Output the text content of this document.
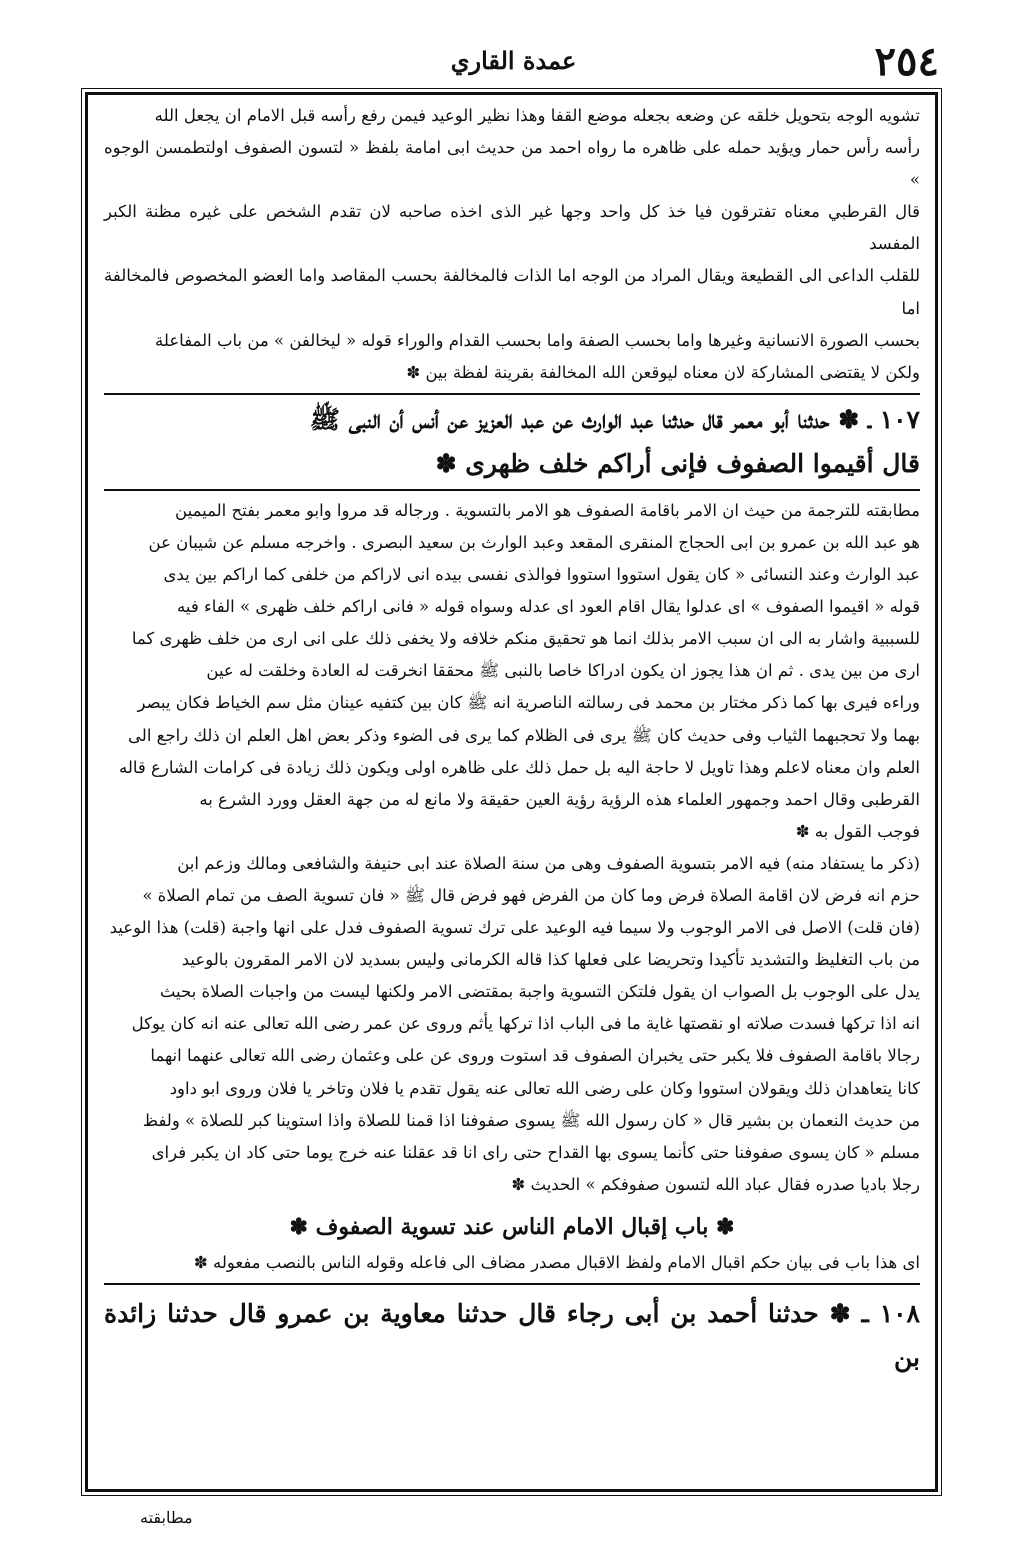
عمدة القاري	٢٥٤

تشويه الوجه بتحويل خلقه عن وضعه بجعله موضع القفا وهذا نظير الوعيد فيمن رفع رأسه قبل الامام ان يجعل الله

رأسه رأس حمار ويؤيد حمله على ظاهره ما رواه احمد من حديث ابى امامة بلفظ « لتسون الصفوف اولتطمسن الوجوه »

قال القرطبي معناه تفترقون فيا خذ كل واحد وجها غير الذى اخذه صاحبه لان تقدم الشخص على غيره مظنة الكبر المفسد

للقلب الداعى الى القطيعة ويقال المراد من الوجه اما الذات فالمخالفة بحسب المقاصد واما العضو المخصوص فالمخالفة اما

بحسب الصورة الانسانية وغيرها واما بحسب الصفة واما بحسب القدام والوراء قوله « ليخالفن » من باب المفاعلة

ولكن لا يقتضى المشاركة لان معناه ليوقعن الله المخالفة بقرينة لفظة بين ✽

١٠٧ ـ ✽ حدثنا أبو معمر قال حدثنا عبد الوارث عن عبد العزيز عن أنس أن النبى ﷺ
قال أقيموا الصفوف فإنى أراكم خلف ظهرى ✽

مطابقته للترجمة من حيث ان الامر باقامة الصفوف هو الامر بالتسوية . ورجاله قد مروا وابو معمر بفتح الميمين

هو عبد الله بن عمرو بن ابى الحجاج المنقرى المقعد وعبد الوارث بن سعيد البصرى . واخرجه مسلم عن شيبان عن

عبد الوارث وعند النسائى « كان يقول استووا استووا فوالذى نفسى بيده انى لاراكم من خلفى كما اراكم بين يدى

قوله « اقيموا الصفوف » اى عدلوا يقال اقام العود اى عدله وسواه قوله « فانى اراكم خلف ظهرى » الفاء فيه

للسببية واشار به الى ان سبب الامر بذلك انما هو تحقيق منكم خلافه ولا يخفى ذلك على انى ارى من خلف ظهرى كما

ارى من بين يدى . ثم ان هذا يجوز ان يكون ادراكا خاصا بالنبى ﷺ محققا انخرقت له العادة وخلقت له عين

وراءه فيرى بها كما ذكر مختار بن محمد فى رسالته الناصرية انه ﷺ كان بين كتفيه عينان مثل سم الخياط فكان يبصر

بهما ولا تحجبهما الثياب وفى حديث كان ﷺ يرى فى الظلام كما يرى فى الضوء وذكر بعض اهل العلم ان ذلك راجع الى

العلم وان معناه لاعلم وهذا تاويل لا حاجة اليه بل حمل ذلك على ظاهره اولى ويكون ذلك زيادة فى كرامات الشارع قاله

القرطبى وقال احمد وجمهور العلماء هذه الرؤية رؤية العين حقيقة ولا مانع له من جهة العقل وورد الشرع به

فوجب القول به ✽

(ذكر ما يستفاد منه) فيه الامر بتسوية الصفوف وهى من سنة الصلاة عند ابى حنيفة والشافعى ومالك وزعم ابن

حزم انه فرض لان اقامة الصلاة فرض وما كان من الفرض فهو فرض قال ﷺ « فان تسوية الصف من تمام الصلاة »

(فان قلت) الاصل فى الامر الوجوب ولا سيما فيه الوعيد على ترك تسوية الصفوف فدل على انها واجبة (قلت) هذا الوعيد

من باب التغليظ والتشديد تأكيدا وتحريضا على فعلها كذا قاله الكرمانى وليس بسديد لان الامر المقرون بالوعيد

يدل على الوجوب بل الصواب ان يقول فلتكن التسوية واجبة بمقتضى الامر ولكنها ليست من واجبات الصلاة بحيث

انه اذا تركها فسدت صلاته او نقصتها غاية ما فى الباب اذا تركها يأثم وروى عن عمر رضى الله تعالى عنه انه كان يوكل

رجالا باقامة الصفوف فلا يكبر حتى يخبران الصفوف قد استوت وروى عن على وعثمان رضى الله تعالى عنهما انهما

كانا يتعاهدان ذلك ويقولان استووا وكان على رضى الله تعالى عنه يقول تقدم يا فلان وتاخر يا فلان وروى ابو داود

من حديث النعمان بن بشير قال « كان رسول الله ﷺ يسوى صفوفنا اذا قمنا للصلاة واذا استوينا كبر للصلاة » ولفظ

مسلم « كان يسوى صفوفنا حتى كأنما يسوى بها القداح حتى راى انا قد عقلنا عنه خرج يوما حتى كاد ان يكبر فراى

رجلا باديا صدره فقال عباد الله لتسون صفوفكم » الحديث ✽

✽ باب إقبال الامام الناس عند تسوية الصفوف ✽

اى هذا باب فى بيان حكم اقبال الامام ولفظ الاقبال مصدر مضاف الى فاعله وقوله الناس بالنصب مفعوله ✽

١٠٨ ـ ✽ حدثنا أحمد بن أبى رجاء قال حدثنا معاوية بن عمرو قال حدثنا زائدة بن
مطابقته
